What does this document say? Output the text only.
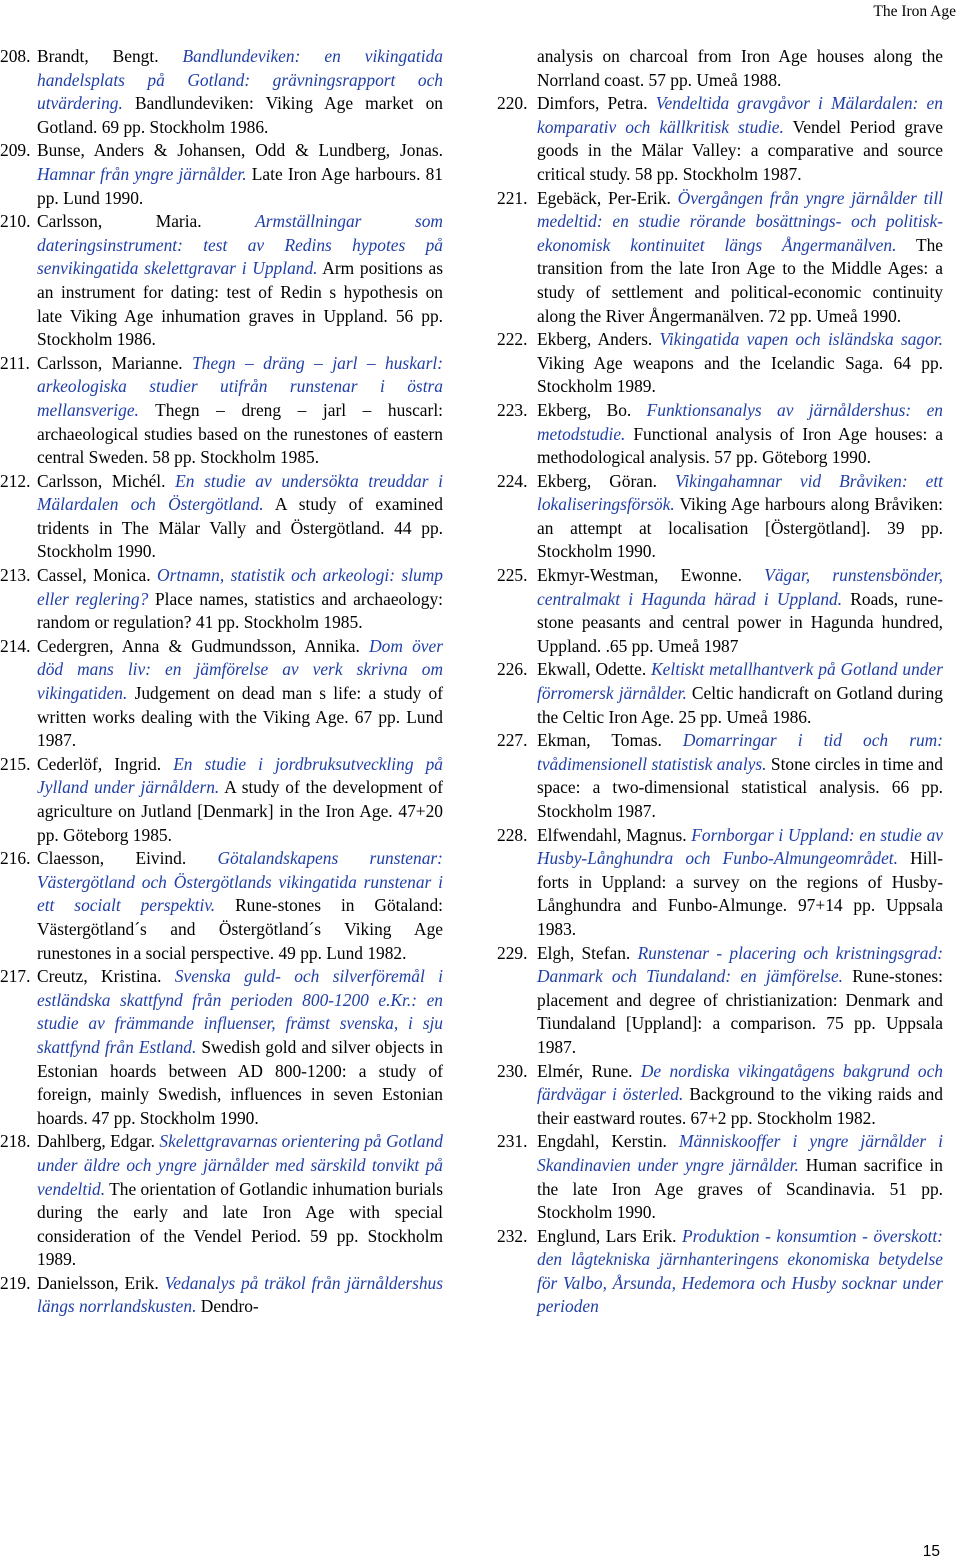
The Iron Age

208. Brandt, Bengt. Bandlundeviken: en vikingatida handelsplats på Gotland: grävningsrapport och utvärdering. Bandlundeviken: Viking Age market on Gotland. 69 pp. Stockholm 1986.

209. Bunse, Anders & Johansen, Odd & Lundberg, Jonas. Hamnar från yngre järnålder. Late Iron Age harbours. 81 pp. Lund 1990.

210. Carlsson, Maria.	Armställningar som dateringsinstrument: test av Redins hypotes på senvikingatida skelettgravar i Uppland. Arm positions as an instrument for dating: test of Redin s hypothesis on late Viking Age inhumation graves in Uppland. 56 pp. Stockholm 1986.

211. Carlsson, Marianne. Thegn – dräng – jarl – huskarl: arkeologiska studier utifrån runstenar i östra mellansverige. Thegn – dreng – jarl – huscarl: archaeological studies based on the runestones of eastern central Sweden. 58 pp. Stockholm 1985.

212. Carlsson, Michél. En studie av undersökta treuddar i Mälardalen och Östergötland. A study of examined tridents in The Mälar Vally and Östergötland. 44 pp. Stockholm 1990.

213. Cassel, Monica. Ortnamn, statistik och arkeologi: slump eller reglering? Place names, statistics and archaeology: random or regulation? 41 pp. Stockholm 1985.

214. Cedergren, Anna & Gudmundsson, Annika. Dom över död mans liv: en jämförelse av verk skrivna om vikingatiden. Judgement on dead man s life: a study of written works dealing with the Viking Age. 67 pp. Lund 1987.

215. Cederlöf, Ingrid. En studie i jordbruksutveckling på Jylland under järnåldern. A study of the development of agriculture on Jutland [Denmark] in the Iron Age. 47+20 pp. Göteborg 1985.

216. Claesson, Eivind. Götalandskapens runstenar: Västergötland och Östergötlands vikingatida runstenar i ett socialt perspektiv. Rune-stones in Götaland: Västergötland´s and Östergötland´s Viking Age runestones in a social perspective. 49 pp. Lund 1982.

217. Creutz, Kristina. Svenska guld- och silverföremål i estländska skattfynd från perioden 800-1200 e.Kr.: en studie av främmande influenser, främst svenska, i sju skattfynd från Estland. Swedish gold and silver objects in Estonian hoards between AD 800-1200: a study of foreign, mainly Swedish, influences in seven Estonian hoards. 47 pp. Stockholm 1990.

218. Dahlberg, Edgar. Skelettgravarnas orientering på Gotland under äldre och yngre järnålder med särskild tonvikt på vendeltid. The orientation of Gotlandic inhumation burials during the early and late Iron Age with special consideration of the Vendel Period. 59 pp. Stockholm 1989.

219. Danielsson, Erik. Vedanalys på träkol från järnåldershus längs norrlandskusten. Dendro-

analysis on charcoal from Iron Age houses along the Norrland coast. 57 pp. Umeå 1988.

220. Dimfors, Petra. Vendeltida gravgåvor i Mälardalen: en komparativ och källkritisk studie. Vendel Period grave goods in the Mälar Valley: a comparative and source critical study. 58 pp. Stockholm 1987.

221. Egebäck, Per-Erik. Övergången från yngre järnålder till medeltid: en studie rörande bosättnings- och politisk-ekonomisk kontinuitet längs Ångermanälven. The transition from the late Iron Age to the Middle Ages: a study of settlement and political-economic continuity along the River Ångermanälven. 72 pp. Umeå 1990.

222. Ekberg, Anders. Vikingatida vapen och isländska sagor. Viking Age weapons and the Icelandic Saga. 64 pp. Stockholm 1989.

223. Ekberg, Bo. Funktionsanalys av järnåldershus: en metodstudie. Functional analysis of Iron Age houses: a methodological analysis. 57 pp. Göteborg 1990.

224. Ekberg, Göran. Vikingahamnar vid Bråviken: ett lokaliseringsförsök. Viking Age harbours along Bråviken: an attempt at localisation [Östergötland]. 39 pp. Stockholm 1990.

225. Ekmyr-Westman, Ewonne. Vägar, runstensbönder, centralmakt i Hagunda härad i Uppland. Roads, rune-stone peasants and central power in Hagunda hundred, Uppland. .65 pp. Umeå 1987

226. Ekwall, Odette. Keltiskt metallhantverk på Gotland under förromersk järnålder. Celtic handicraft on Gotland during the Celtic Iron Age. 25 pp. Umeå 1986.

227. Ekman, Tomas. Domarringar i tid och rum: tvådimensionell statistisk analys. Stone circles in time and space: a two-dimensional statistical analysis. 66 pp. Stockholm 1987.

228. Elfwendahl, Magnus. Fornborgar i Uppland: en studie av Husby-Långhundra och Funbo-Almungeområdet. Hill-forts in Uppland: a survey on the regions of Husby-Långhundra and Funbo-Almunge. 97+14 pp. Uppsala 1983.

229. Elgh, Stefan. Runstenar - placering och kristningsgrad: Danmark och Tiundaland: en jämförelse. Rune-stones: placement and degree of christianization: Denmark and Tiundaland [Uppland]: a comparison. 75 pp. Uppsala 1987.

230. Elmér, Rune. De nordiska vikingatågens bakgrund och färdvägar i österled. Background to the viking raids and their eastward routes. 67+2 pp. Stockholm 1982.

231. Engdahl, Kerstin. Människooffer i yngre järnålder i Skandinavien under yngre järnålder. Human sacrifice in the late Iron Age graves of Scandinavia. 51 pp. Stockholm 1990.

232. Englund, Lars Erik. Produktion - konsumtion - överskott: den lågtekniska järnhanteringens ekonomiska betydelse för Valbo, Årsunda, Hedemora och Husby socknar under perioden

15
